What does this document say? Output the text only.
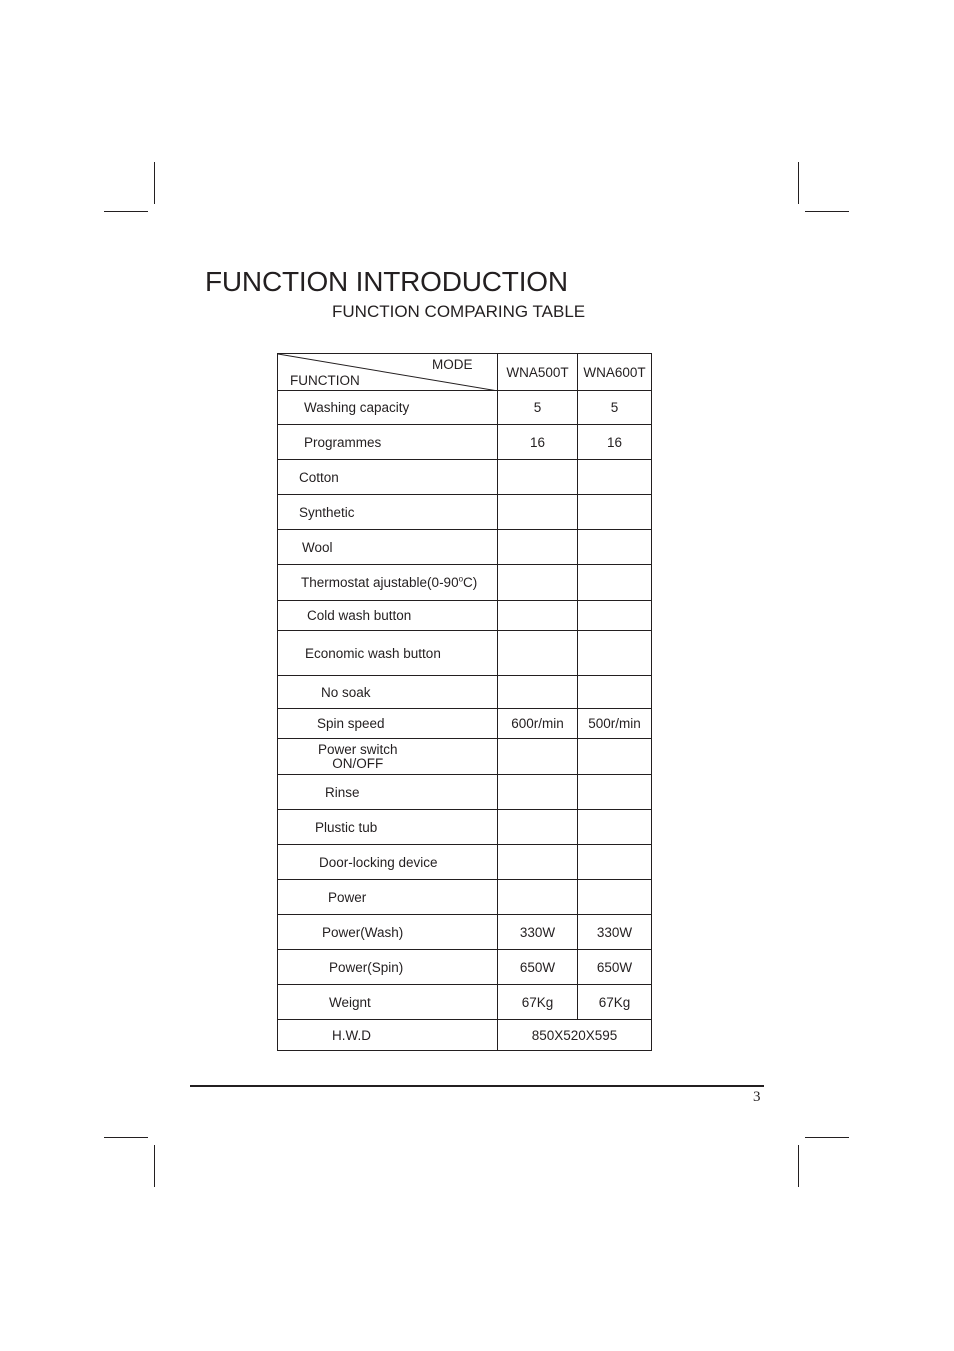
FUNCTION INTRODUCTION
FUNCTION COMPARING TABLE
MODE
FUNCTION	WNA500T	WNA600T
Washing capacity	5	5
Programmes	16	16
Cotton		
Synthetic		
Wool		
Thermostat ajustable(0-90$^o$C)		
Cold wash button		
Economic wash button		
No soak		
Spin speed	600r/min	500r/min
Power switch
ON/OFF		
Rinse		
Plustic tub		
Door-locking device		
Power		
Power(Wash)	330W	330W
Power(Spin)	650W	650W
Weignt	67Kg	67Kg
H.W.D	850X520X595	
3
